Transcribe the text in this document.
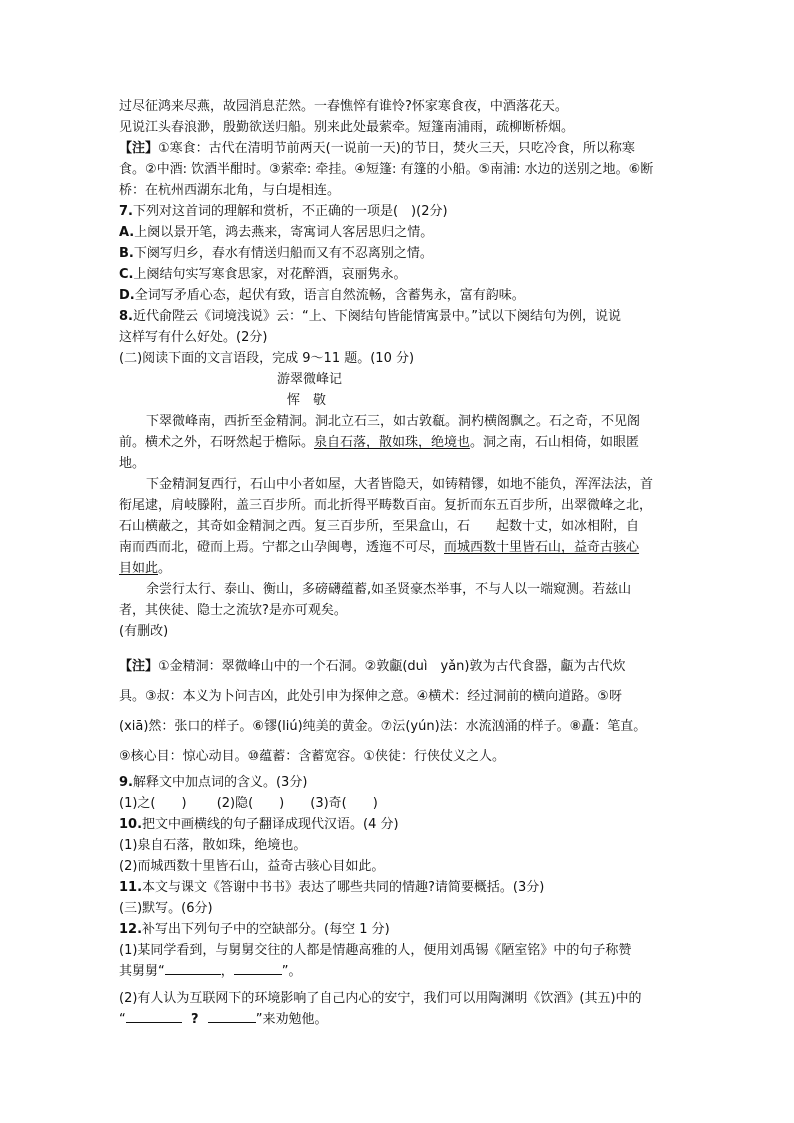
过尽征鸿来尽燕，故园消息茫然。一春憔悴有谁怜?怀家寒食夜，中酒落花天。
见说江头春浪渺，殷勤欲送归船。别来此处最萦牵。短篷南浦雨，疏柳断桥烟。
【注】①寒食：古代在清明节前两天(一说前一天)的节日，焚火三天，只吃冷食，所以称寒
食。②中酒: 饮酒半酣时。③萦牵: 牵挂。④短篷: 有篷的小船。⑤南浦: 水边的送别之地。⑥断
桥：在杭州西湖东北角，与白堤相连。
7.下列对这首词的理解和赏析，不正确的一项是(　)(2分)
A.上阕以景开笔，鸿去燕来，寄寓词人客居思归之情。
B.下阕写归乡，春水有情送归船而又有不忍离别之情。
C.上阕结句实写寒食思家，对花醉酒，哀丽隽永。
D.全词写矛盾心态，起伏有致，语言自然流畅，含蓄隽永，富有韵味。
8.近代俞陛云《词境浅说》云：“上、下阕结句皆能情寓景中。”试以下阕结句为例，说说
这样写有什么好处。(2分)
(二)阅读下面的文言语段，完成 9～11 题。(10 分)
游翠微峰记
恽　敬
下翠微峰南，西折至金精洞。洞北立石三，如古敦瓻。洞杓横阁飘之。石之奇，不见阁
前。横术之外，石呀然起于檐际。泉自石落，散如珠，绝境也。洞之南，石山相倚，如眼匿
地。
下金精洞复西行，石山中小者如屋，大者皆隐天，如铸精镠，如地不能负，浑浑法法，首
衔尾逮，肩岐滕附，盖三百步所。而北折得平畴数百亩。复折而东五百步所，出翠微峰之北，
石山横蔽之，其奇如金精洞之西。复三百步所，至果盒山，石　　起数十丈，如冰相附，自
南而西而北，磴而上焉。宁都之山孕闽粤，透迤不可尽，而城西数十里皆石山，益奇古骇心
目如此。
余尝行太行、泰山、衡山，多磅礴蕴蓄,如圣贤豪杰举事，不与人以一端窥测。若兹山
者，其侠徒、隐士之流欤?是亦可观矣。
(有删改)
【注】①金精洞：翠微峰山中的一个石洞。②敦甗(duì　yǎn)敦为古代食器，甗为古代炊
具。③叔：本义为卜问吉凶，此处引申为探伸之意。④横术：经过洞前的横向道路。⑤呀
(xiā)然：张口的样子。⑥镠(liú)纯美的黄金。⑦沄(yún)法：水流汹涌的样子。⑧矗：笔直。
⑨核心目：惊心动目。⑩蕴蓄：含蓄宽容。①侠徒：行侠仗义之人。
9.解释文中加点词的含义。(3分)
(1)之(　　)　　 (2)隐(　　)　　(3)奇(　　)
10.把文中画横线的句子翻译成现代汉语。(4 分)
(1)泉自石落，散如珠，绝境也。
(2)而城西数十里皆石山，益奇古骇心目如此。
11.本文与课文《答谢中书书》表达了哪些共同的情趣?请简要概括。(3分)
(三)默写。(6分)
12.补写出下列句子中的空缺部分。(每空 1 分)
(1)某同学看到，与舅舅交往的人都是情趣高雅的人，便用刘禹锡《陋室铭》中的句子称赞
其舅舅“	，	”。
(2)有人认为互联网下的环境影响了自己内心的安宁，我们可以用陶渊明《饮酒》(其五)中的
“	?	”来劝勉他。
